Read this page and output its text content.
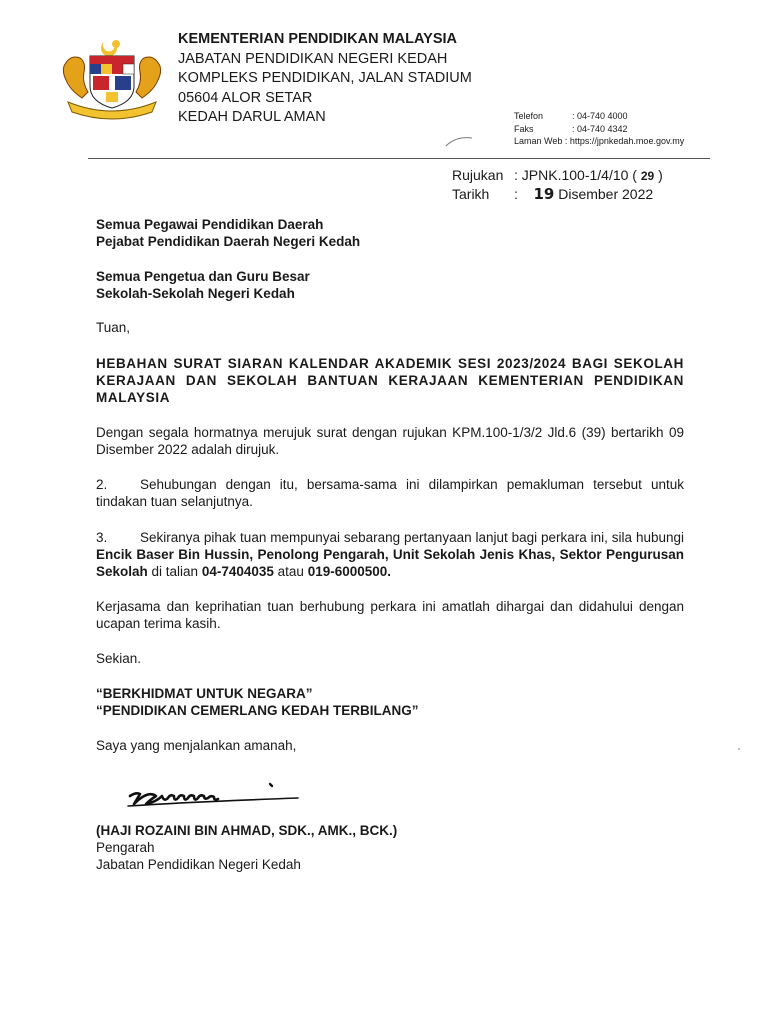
KEMENTERIAN PENDIDIKAN MALAYSIA
JABATAN PENDIDIKAN NEGERI KEDAH
KOMPLEKS PENDIDIKAN, JALAN STADIUM
05604 ALOR SETAR
KEDAH DARUL AMAN	Telefon	: 04-740 4000
Faks	: 04-740 4342
Laman Web : https://jpnkedah.moe.gov.my
Rujukan : JPNK.100-1/4/10 ( 29 )
Tarikh : 19 Disember 2022
Semua Pegawai Pendidikan Daerah
Pejabat Pendidikan Daerah Negeri Kedah
Semua Pengetua dan Guru Besar
Sekolah-Sekolah Negeri Kedah
Tuan,
HEBAHAN SURAT SIARAN KALENDAR AKADEMIK SESI 2023/2024 BAGI SEKOLAH KERAJAAN DAN SEKOLAH BANTUAN KERAJAAN KEMENTERIAN PENDIDIKAN MALAYSIA
Dengan segala hormatnya merujuk surat dengan rujukan KPM.100-1/3/2 Jld.6 (39) bertarikh 09 Disember 2022 adalah dirujuk.
2. Sehubungan dengan itu, bersama-sama ini dilampirkan pemakluman tersebut untuk tindakan tuan selanjutnya.
3. Sekiranya pihak tuan mempunyai sebarang pertanyaan lanjut bagi perkara ini, sila hubungi Encik Baser Bin Hussin, Penolong Pengarah, Unit Sekolah Jenis Khas, Sektor Pengurusan Sekolah di talian 04-7404035 atau 019-6000500.
Kerjasama dan keprihatian tuan berhubung perkara ini amatlah dihargai dan didahului dengan ucapan terima kasih.
Sekian.
“BERKHIDMAT UNTUK NEGARA”
“PENDIDIKAN CEMERLANG KEDAH TERBILANG”
Saya yang menjalankan amanah,
(HAJI ROZAINI BIN AHMAD, SDK., AMK., BCK.)
Pengarah
Jabatan Pendidikan Negeri Kedah
